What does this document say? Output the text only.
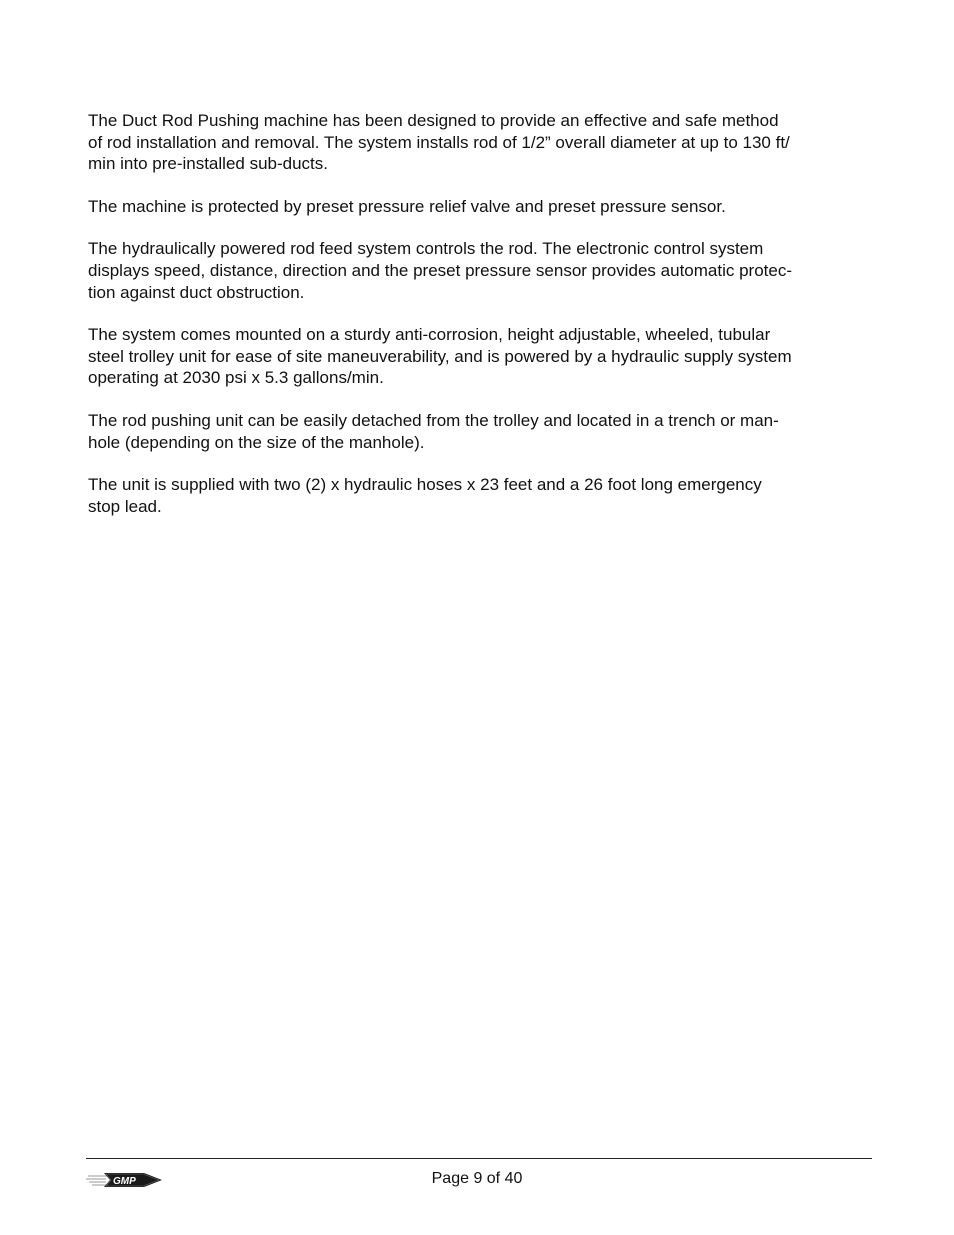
The Duct Rod Pushing machine has been designed to provide an effective and safe method
of rod installation and removal. The system installs rod of 1/2” overall diameter at up to 130 ft/
min into pre-installed sub-ducts.

The machine is protected by preset pressure relief valve and preset pressure sensor.

The hydraulically powered rod feed system controls the rod. The electronic control system
displays speed, distance, direction and the preset pressure sensor provides automatic protec-
tion against duct obstruction.

The system comes mounted on a sturdy anti-corrosion, height adjustable, wheeled, tubular
steel trolley unit for ease of site maneuverability, and is powered by a hydraulic supply system
operating at 2030 psi x 5.3 gallons/min.

The rod pushing unit can be easily detached from the trolley and located in a trench or man-
hole (depending on the size of the manhole).

The unit is supplied with two (2) x hydraulic hoses x 23 feet and a 26 foot long emergency
stop lead.

GMP	Page 9 of 40
